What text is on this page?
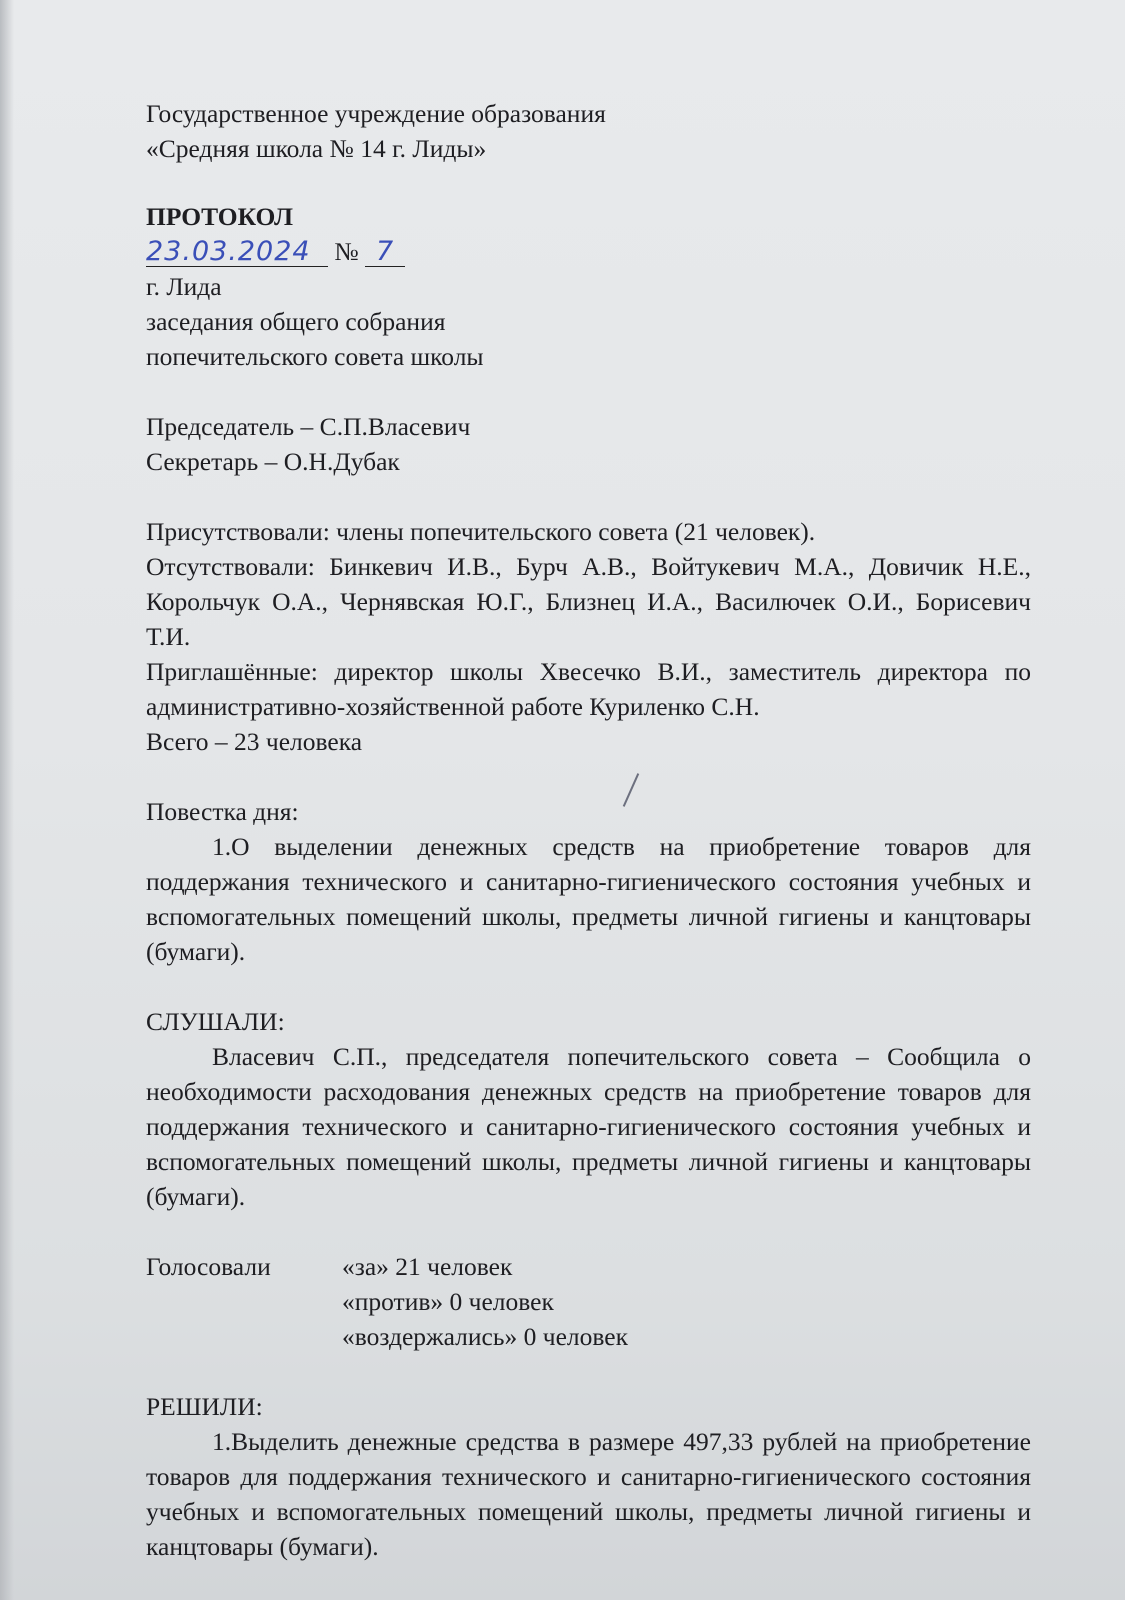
Государственное учреждение образования
«Средняя школа № 14 г. Лиды»
ПРОТОКОЛ
23.03.2024 № 7
г. Лида
заседания общего собрания
попечительского совета школы
Председатель – С.П.Власевич
Секретарь – О.Н.Дубак
Присутствовали: члены попечительского совета (21 человек).
Отсутствовали: Бинкевич И.В., Бурч А.В., Войтукевич М.А., Довичик Н.Е., Корольчук О.А., Чернявская Ю.Г., Близнец И.А., Василючек О.И., Борисевич Т.И.
Приглашённые: директор школы Хвесечко В.И., заместитель директора по административно-хозяйственной работе Куриленко С.Н.
Всего – 23 человека
Повестка дня:
1.О выделении денежных средств на приобретение товаров для поддержания технического и санитарно-гигиенического состояния учебных и вспомогательных помещений школы, предметы личной гигиены и канцтовары (бумаги).
СЛУШАЛИ:
Власевич С.П., председателя попечительского совета – Сообщила о необходимости расходования денежных средств на приобретение товаров для поддержания технического и санитарно-гигиенического состояния учебных и вспомогательных помещений школы, предметы личной гигиены и канцтовары (бумаги).
Голосовали	«за» 21 человек
«против» 0 человек
«воздержались» 0 человек
РЕШИЛИ:
1.Выделить денежные средства в размере 497,33 рублей на приобретение товаров для поддержания технического и санитарно-гигиенического состояния учебных и вспомогательных помещений школы, предметы личной гигиены и канцтовары (бумаги).
